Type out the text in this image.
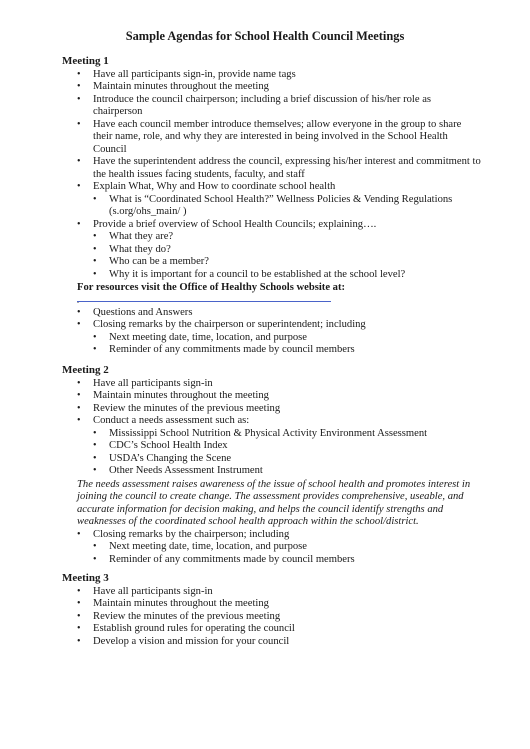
Sample Agendas for School Health Council Meetings
Meeting 1
• Have all participants sign-in, provide name tags
• Maintain minutes throughout the meeting
• Introduce the council chairperson; including a brief discussion of his/her role as chairperson
• Have each council member introduce themselves; allow everyone in the group to share their name, role, and why they are interested in being involved in the School Health Council
• Have the superintendent address the council, expressing his/her interest and commitment to the health issues facing students, faculty, and staff
• Explain What, Why and How to coordinate school health
• What is “Coordinated School Health?” Wellness Policies & Vending Regulations (s.org/ohs_main/ )
• Provide a brief overview of School Health Councils; explaining….
• What they are?
• What they do?
• Who can be a member?
• Why it is important for a council to be established at the school level?
For resources visit the Office of Healthy Schools website at:
.
• Questions and Answers
• Closing remarks by the chairperson or superintendent; including
• Next meeting date, time, location, and purpose
• Reminder of any commitments made by council members
Meeting 2
• Have all participants sign-in
• Maintain minutes throughout the meeting
• Review the minutes of the previous meeting
• Conduct a needs assessment such as:
• Mississippi School Nutrition & Physical Activity Environment Assessment
• CDC’s School Health Index
• USDA’s Changing the Scene
• Other Needs Assessment Instrument
The needs assessment raises awareness of the issue of school health and promotes interest in joining the council to create change. The assessment provides comprehensive, useable, and accurate information for decision making, and helps the council identify strengths and weaknesses of the coordinated school health approach within the school/district.
• Closing remarks by the chairperson; including
• Next meeting date, time, location, and purpose
• Reminder of any commitments made by council members
Meeting 3
• Have all participants sign-in
• Maintain minutes throughout the meeting
• Review the minutes of the previous meeting
• Establish ground rules for operating the council
• Develop a vision and mission for your council
